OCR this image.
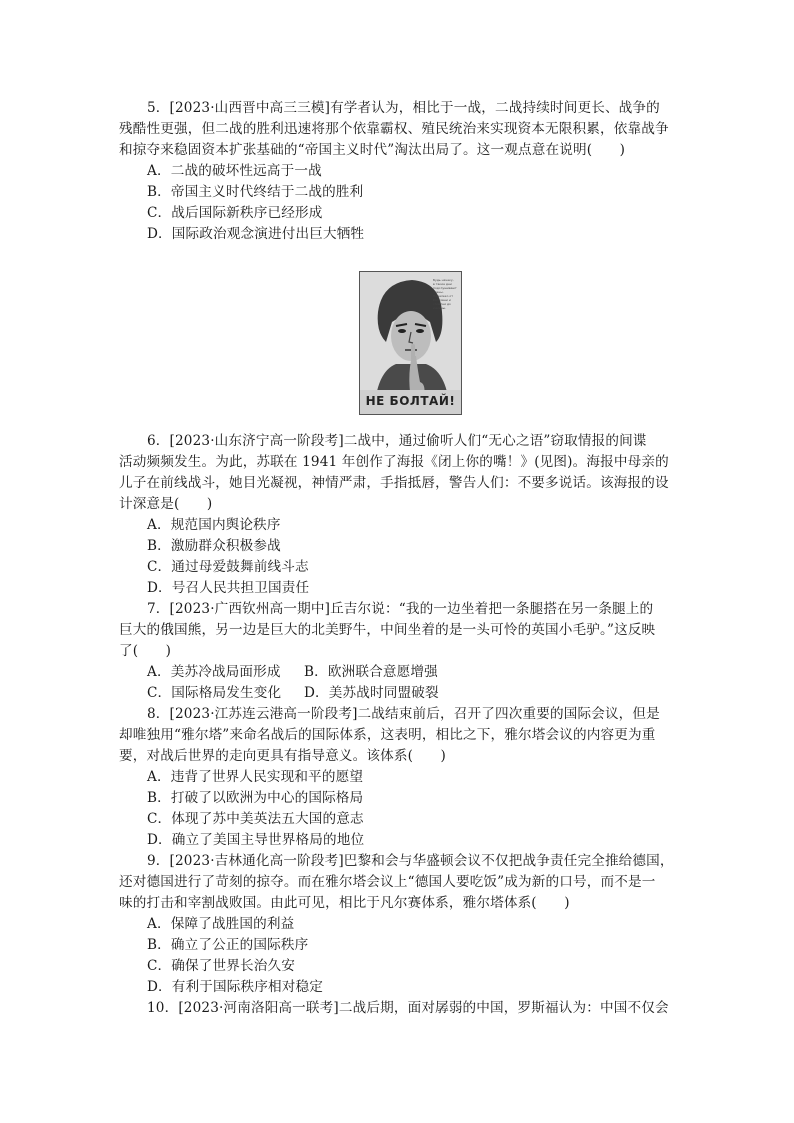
5．[2023·山西晋中高三三模]有学者认为，相比于一战，二战持续时间更长、战争的
残酷性更强，但二战的胜利迅速将那个依靠霸权、殖民统治来实现资本无限积累，依靠战争
和掠夺来稳固资本扩张基础的“帝国主义时代”淘汰出局了。这一观点意在说明(　　)
A．二战的破坏性远高于一战
B．帝国主义时代终结于二战的胜利
C．战后国际新秩序已经形成
D．国际政治观念演进付出巨大牺牲
Будь начеку, в такие дни подслушивают стены. Недалеко от болтовни и сплетни до измены.
НЕ БОЛТАЙ!
6．[2023·山东济宁高一阶段考]二战中，通过偷听人们“无心之语”窃取情报的间谍
活动频频发生。为此，苏联在 1941 年创作了海报《闭上你的嘴！》(见图)。海报中母亲的
儿子在前线战斗，她目光凝视，神情严肃，手指抵唇，警告人们：不要多说话。该海报的设
计深意是(　　)
A．规范国内舆论秩序
B．激励群众积极参战
C．通过母爱鼓舞前线斗志
D．号召人民共担卫国责任
7．[2023·广西钦州高一期中]丘吉尔说：“我的一边坐着把一条腿搭在另一条腿上的
巨大的俄国熊，另一边是巨大的北美野牛，中间坐着的是一头可怜的英国小毛驴。”这反映
了(　　)
A．美苏冷战局面形成	B．欧洲联合意愿增强
C．国际格局发生变化	D．美苏战时同盟破裂
8．[2023·江苏连云港高一阶段考]二战结束前后，召开了四次重要的国际会议，但是
却唯独用“雅尔塔”来命名战后的国际体系，这表明，相比之下，雅尔塔会议的内容更为重
要，对战后世界的走向更具有指导意义。该体系(　　)
A．违背了世界人民实现和平的愿望
B．打破了以欧洲为中心的国际格局
C．体现了苏中美英法五大国的意志
D．确立了美国主导世界格局的地位
9．[2023·吉林通化高一阶段考]巴黎和会与华盛顿会议不仅把战争责任完全推给德国，
还对德国进行了苛刻的掠夺。而在雅尔塔会议上“德国人要吃饭”成为新的口号，而不是一
味的打击和宰割战败国。由此可见，相比于凡尔赛体系，雅尔塔体系(　　)
A．保障了战胜国的利益
B．确立了公正的国际秩序
C．确保了世界长治久安
D．有利于国际秩序相对稳定
10．[2023·河南洛阳高一联考]二战后期，面对孱弱的中国，罗斯福认为：中国不仅会
